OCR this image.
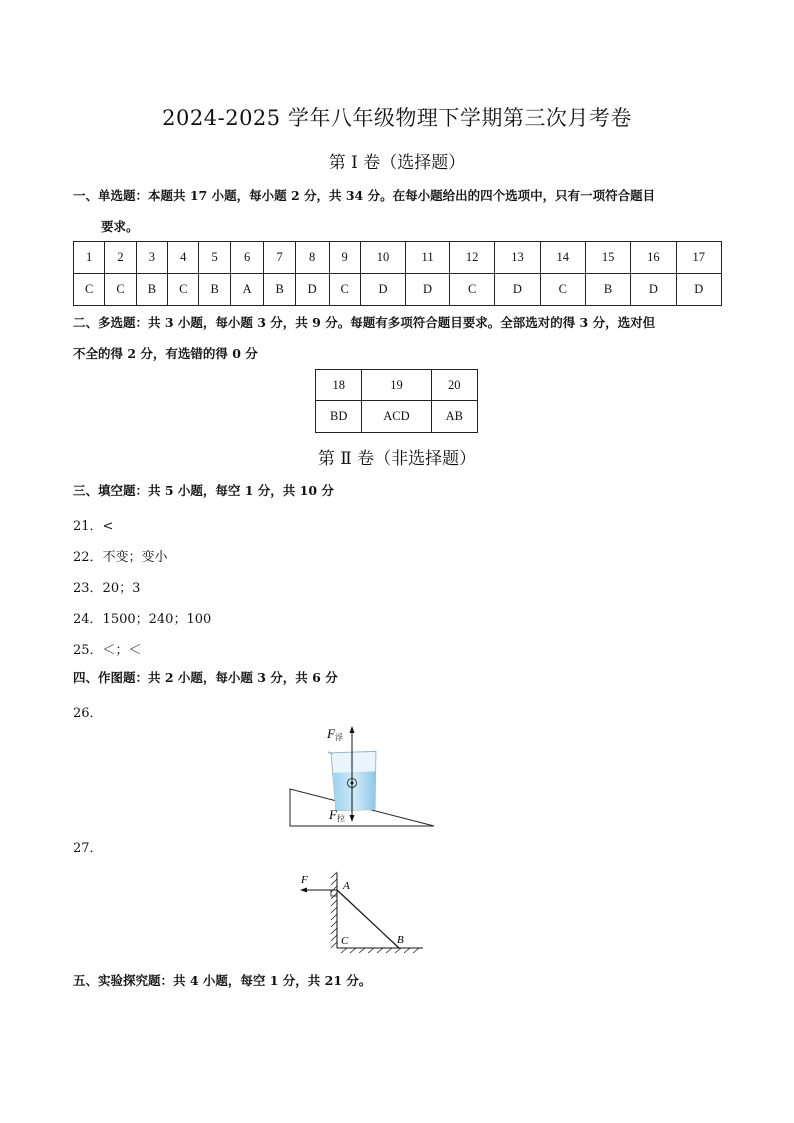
2024-2025 学年八年级物理下学期第三次月考卷
第 Ⅰ 卷（选择题）
一、单选题：本题共 17 小题，每小题 2 分，共 34 分。在每小题给出的四个选项中，只有一项符合题目
要求。
1	2	3	4	5	6	7	8	9	10	11	12	13	14	15	16	17
C	C	B	C	B	A	B	D	C	D	D	C	D	C	B	D	D
二、多选题：共 3 小题，每小题 3 分，共 9 分。每题有多项符合题目要求。全部选对的得 3 分，选对但
不全的得 2 分，有选错的得 0 分
18	19	20
BD	ACD	AB
第 Ⅱ 卷（非选择题）
三、填空题：共 5 小题，每空 1 分，共 10 分
21．<
22．不变；变小
23．20；3
24．1500；240；100
25．＜；＜
四、作图题：共 2 小题，每小题 3 分，共 6 分
26．
F浮
F拉
27．
F	A
B
C
五、实验探究题：共 4 小题，每空 1 分，共 21 分。
